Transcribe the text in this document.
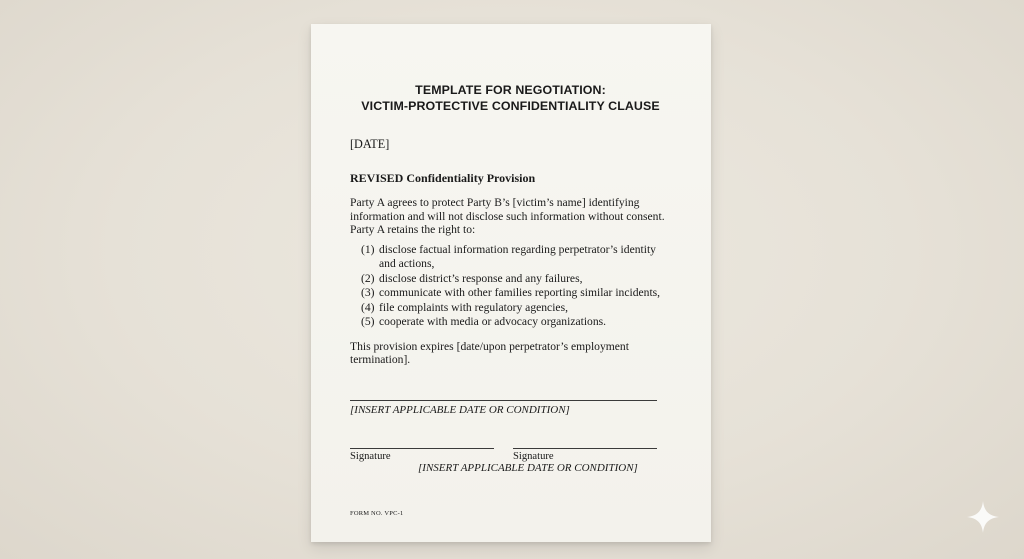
TEMPLATE FOR NEGOTIATION:
VICTIM-PROTECTIVE CONFIDENTIALITY CLAUSE
[DATE]
REVISED Confidentiality Provision
Party A agrees to protect Party B’s [victim’s name] identifying information and will not disclose such information without consent. Party A retains the right to:
(1) disclose factual information regarding perpetrator’s identity and actions,
(2) disclose district’s response and any failures,
(3) communicate with other families reporting similar incidents,
(4) file complaints with regulatory agencies,
(5) cooperate with media or advocacy organizations.
This provision expires [date/upon perpetrator’s employment termination].
[INSERT APPLICABLE DATE OR CONDITION]
Signature	Signature
[INSERT APPLICABLE DATE OR CONDITION]
FORM NO. VPC-1
